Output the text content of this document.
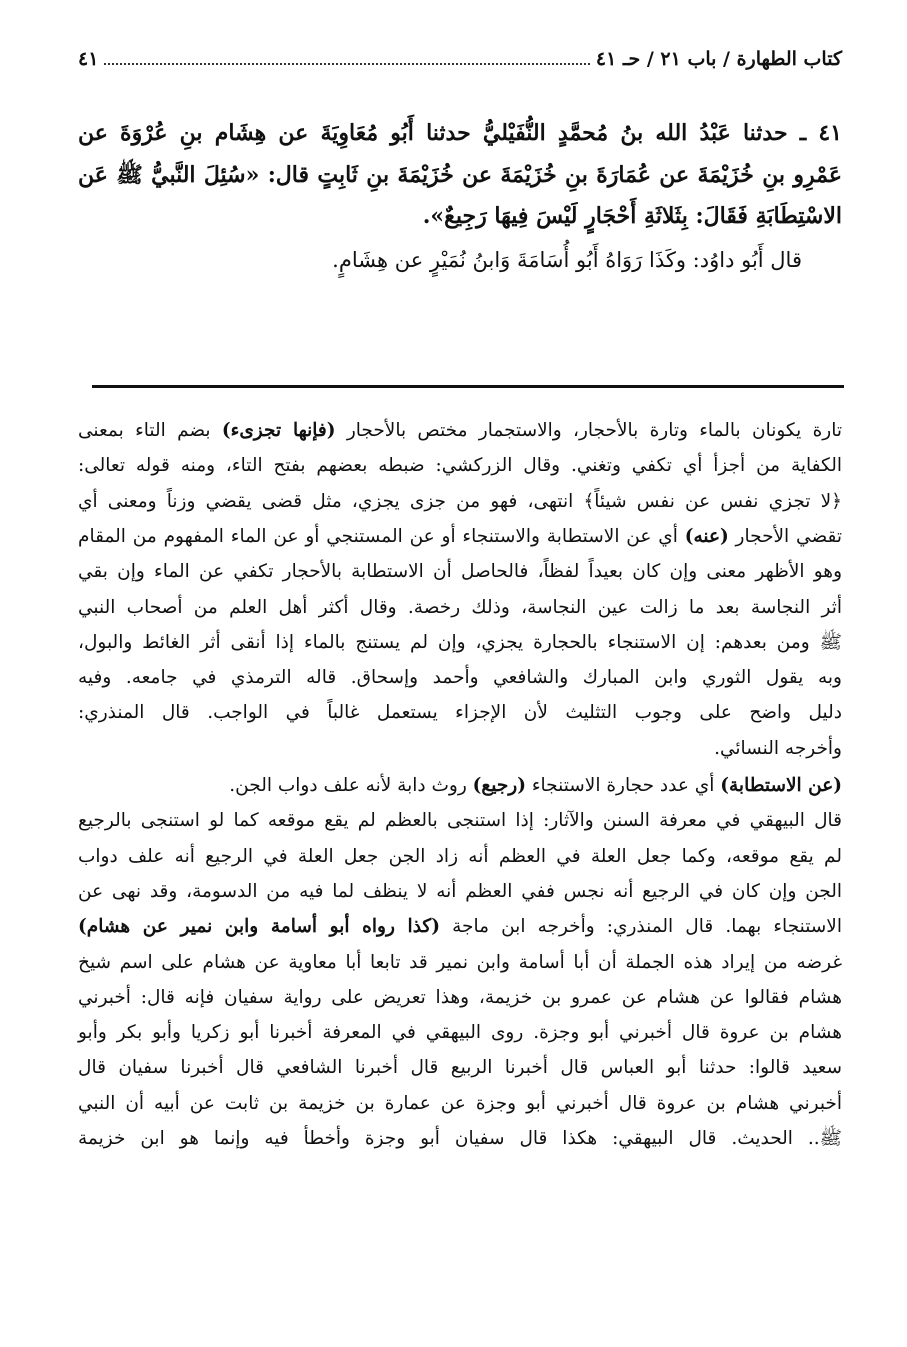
كتاب الطهارة / باب ٢١ / حـ ٤١
٤١
٤١ ـ حدثنا عَبْدُ الله بنُ مُحمَّدٍ النُّفَيْليُّ حدثنا أَبُو مُعَاوِيَةَ عن هِشَام بنِ عُرْوَةَ عن
عَمْرِو بنِ خُزَيْمَةَ عن عُمَارَةَ بنِ خُزَيْمَةَ عن خُزَيْمَةَ بنِ ثَابِتٍ قال: «سُئِلَ النَّبيُّ ﷺ عَن
الاسْتِطَابَةِ فَقَالَ: بِثَلاثَةِ أَحْجَارٍ لَيْسَ فِيهَا رَجِيعٌ».
قال أَبُو داوُد: وكَذَا رَوَاهُ أَبُو أُسَامَةَ وَابنُ نُمَيْرٍ عن هِشَامٍ.
تارة يكونان بالماء وتارة بالأحجار، والاستجمار مختص بالأحجار (فإنها تجزىء) بضم التاء بمعنى
الكفاية من أجزأ أي تكفي وتغني. وقال الزركشي: ضبطه بعضهم بفتح التاء، ومنه قوله تعالى:
﴿لا تجزي نفس عن نفس شيئاً﴾ انتهى، فهو من جزى يجزي، مثل قضى يقضي وزناً ومعنى أي
تقضي الأحجار (عنه) أي عن الاستطابة والاستنجاء أو عن المستنجي أو عن الماء المفهوم من المقام
وهو الأظهر معنى وإن كان بعيداً لفظاً، فالحاصل أن الاستطابة بالأحجار تكفي عن الماء وإن بقي
أثر النجاسة بعد ما زالت عين النجاسة، وذلك رخصة. وقال أكثر أهل العلم من أصحاب النبي
ﷺ ومن بعدهم: إن الاستنجاء بالحجارة يجزي، وإن لم يستنج بالماء إذا أنقى أثر الغائط والبول،
وبه يقول الثوري وابن المبارك والشافعي وأحمد وإسحاق. قاله الترمذي في جامعه. وفيه
دليل واضح على وجوب التثليث لأن الإجزاء يستعمل غالباً في الواجب. قال المنذري:
وأخرجه النسائي.
(عن الاستطابة) أي عدد حجارة الاستنجاء (رجيع) روث دابة لأنه علف دواب الجن.
قال البيهقي في معرفة السنن والآثار: إذا استنجى بالعظم لم يقع موقعه كما لو استنجى بالرجيع
لم يقع موقعه، وكما جعل العلة في العظم أنه زاد الجن جعل العلة في الرجيع أنه علف دواب
الجن وإن كان في الرجيع أنه نجس ففي العظم أنه لا ينظف لما فيه من الدسومة، وقد نهى عن
الاستنجاء بهما. قال المنذري: وأخرجه ابن ماجة (كذا رواه أبو أسامة وابن نمير عن هشام)
غرضه من إيراد هذه الجملة أن أبا أسامة وابن نمير قد تابعا أبا معاوية عن هشام على اسم شيخ
هشام فقالوا عن هشام عن عمرو بن خزيمة، وهذا تعريض على رواية سفيان فإنه قال: أخبرني
هشام بن عروة قال أخبرني أبو وجزة. روى البيهقي في المعرفة أخبرنا أبو زكريا وأبو بكر وأبو
سعيد قالوا: حدثنا أبو العباس قال أخبرنا الربيع قال أخبرنا الشافعي قال أخبرنا سفيان قال
أخبرني هشام بن عروة قال أخبرني أبو وجزة عن عمارة بن خزيمة بن ثابت عن أبيه أن النبي
ﷺ.. الحديث. قال البيهقي: هكذا قال سفيان أبو وجزة وأخطأ فيه وإنما هو ابن خزيمة
